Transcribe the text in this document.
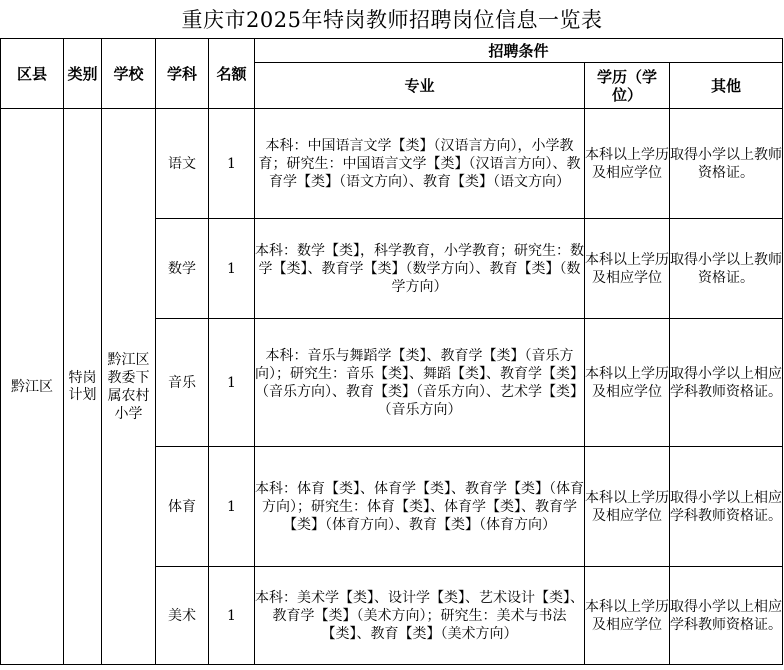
重庆市2025年特岗教师招聘岗位信息一览表
区县	类别	学校	学科	名额	招聘条件		
					专业	学历（学位）	其他
黔江区	特岗计划	黔江区教委下属农村小学	语文	1	本科：中国语言文学【类】（汉语言方向），小学教育；研究生：中国语言文学【类】（汉语言方向）、教育学【类】（语文方向）、教育【类】（语文方向）	本科以上学历及相应学位	取得小学以上教师资格证。
			数学	1	本科：数学【类】，科学教育，小学教育；研究生：数学【类】、教育学【类】（数学方向）、教育【类】（数学方向）	本科以上学历及相应学位	取得小学以上教师资格证。
			音乐	1	本科：音乐与舞蹈学【类】、教育学【类】（音乐方向）；研究生：音乐【类】、舞蹈【类】、教育学【类】（音乐方向）、教育【类】（音乐方向）、艺术学【类】（音乐方向）	本科以上学历及相应学位	取得小学以上相应学科教师资格证。
			体育	1	本科：体育【类】、体育学【类】、教育学【类】（体育方向）；研究生：体育【类】、体育学【类】、教育学【类】（体育方向）、教育【类】（体育方向）	本科以上学历及相应学位	取得小学以上相应学科教师资格证。
			美术	1	本科：美术学【类】、设计学【类】、艺术设计【类】、教育学【类】（美术方向）；研究生：美术与书法【类】、教育【类】（美术方向）	本科以上学历及相应学位	取得小学以上相应学科教师资格证。
